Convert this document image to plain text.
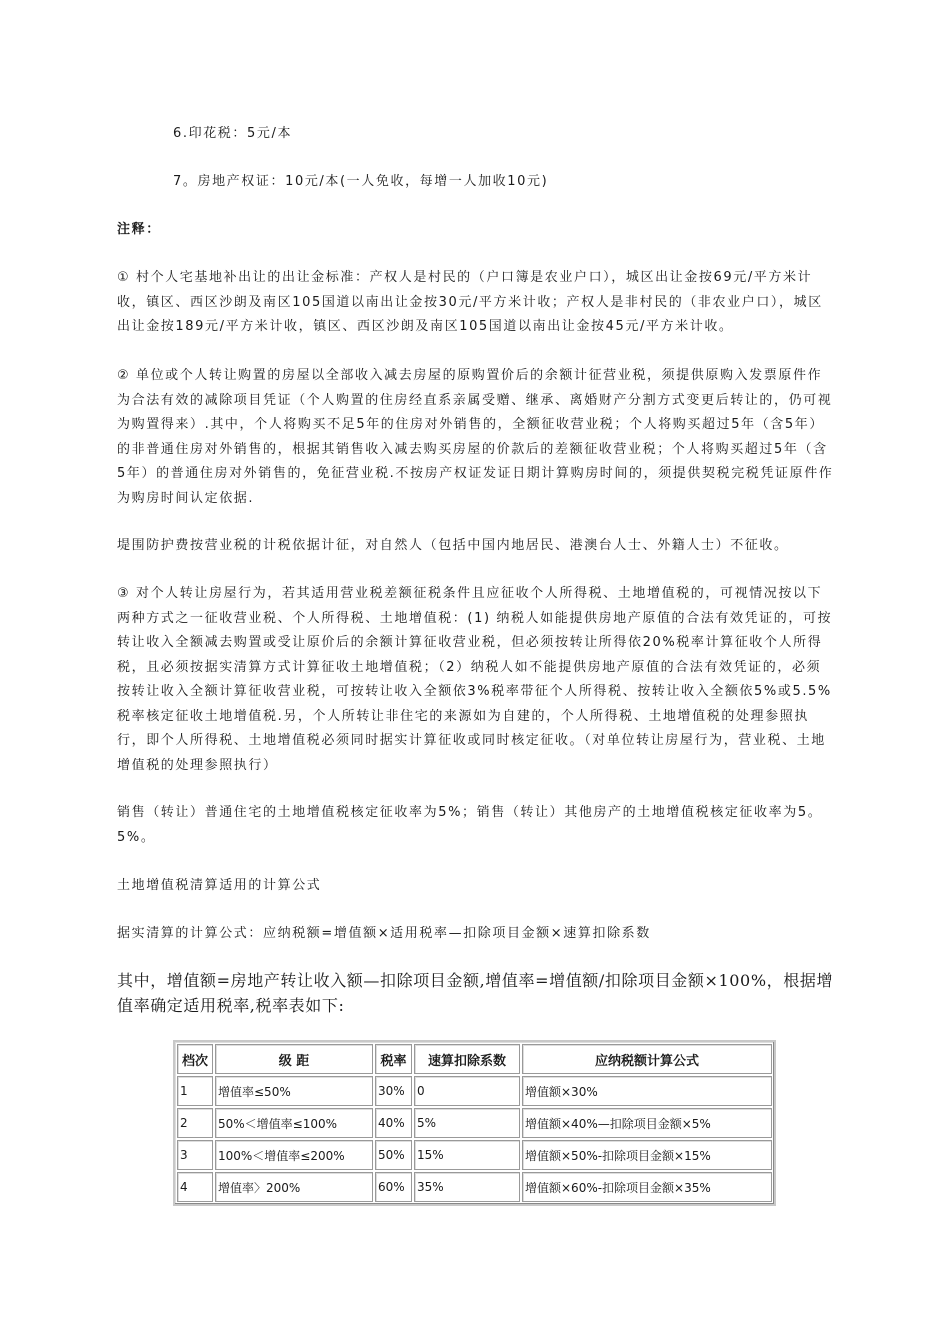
6.印花税：5元/本
7。房地产权证：10元/本(一人免收，每增一人加收10元)
注释：
① 村个人宅基地补出让的出让金标准：产权人是村民的（户口簿是农业户口），城区出让金按69元/平方米计收，镇区、西区沙朗及南区105国道以南出让金按30元/平方米计收；产权人是非村民的（非农业户口），城区出让金按189元/平方米计收，镇区、西区沙朗及南区105国道以南出让金按45元/平方米计收。
② 单位或个人转让购置的房屋以全部收入减去房屋的原购置价后的余额计征营业税，须提供原购入发票原件作为合法有效的减除项目凭证（个人购置的住房经直系亲属受赠、继承、离婚财产分割方式变更后转让的，仍可视为购置得来）.其中，个人将购买不足5年的住房对外销售的，全额征收营业税；个人将购买超过5年（含5年）的非普通住房对外销售的，根据其销售收入减去购买房屋的价款后的差额征收营业税；个人将购买超过5年（含5年）的普通住房对外销售的，免征营业税.不按房产权证发证日期计算购房时间的，须提供契税完税凭证原件作为购房时间认定依据.
堤围防护费按营业税的计税依据计征，对自然人（包括中国内地居民、港澳台人士、外籍人士）不征收。
③ 对个人转让房屋行为，若其适用营业税差额征税条件且应征收个人所得税、土地增值税的，可视情况按以下两种方式之一征收营业税、个人所得税、土地增值税：(1) 纳税人如能提供房地产原值的合法有效凭证的，可按转让收入全额减去购置或受让原价后的余额计算征收营业税，但必须按转让所得依20%税率计算征收个人所得税，且必须按据实清算方式计算征收土地增值税；（2）纳税人如不能提供房地产原值的合法有效凭证的，必须按转让收入全额计算征收营业税，可按转让收入全额依3%税率带征个人所得税、按转让收入全额依5%或5.5%税率核定征收土地增值税.另，个人所转让非住宅的来源如为自建的，个人所得税、土地增值税的处理参照执行，即个人所得税、土地增值税必须同时据实计算征收或同时核定征收。（对单位转让房屋行为，营业税、土地增值税的处理参照执行）
销售（转让）普通住宅的土地增值税核定征收率为5%；销售（转让）其他房产的土地增值税核定征收率为5。5%。
土地增值税清算适用的计算公式
据实清算的计算公式：应纳税额=增值额×适用税率—扣除项目金额×速算扣除系数
其中，增值额=房地产转让收入额—扣除项目金额,增值率=增值额/扣除项目金额×100%，根据增值率确定适用税率,税率表如下:
档次	级 距	税率	速算扣除系数	应纳税额计算公式
1	增值率≤50%	30%	0	增值额×30%
2	50%＜增值率≤100%	40%	5%	增值额×40%—扣除项目金额×5%
3	100%＜增值率≤200%	50%	15%	增值额×50%-扣除项目金额×15%
4	增值率〉200%	60%	35%	增值额×60%-扣除项目金额×35%
